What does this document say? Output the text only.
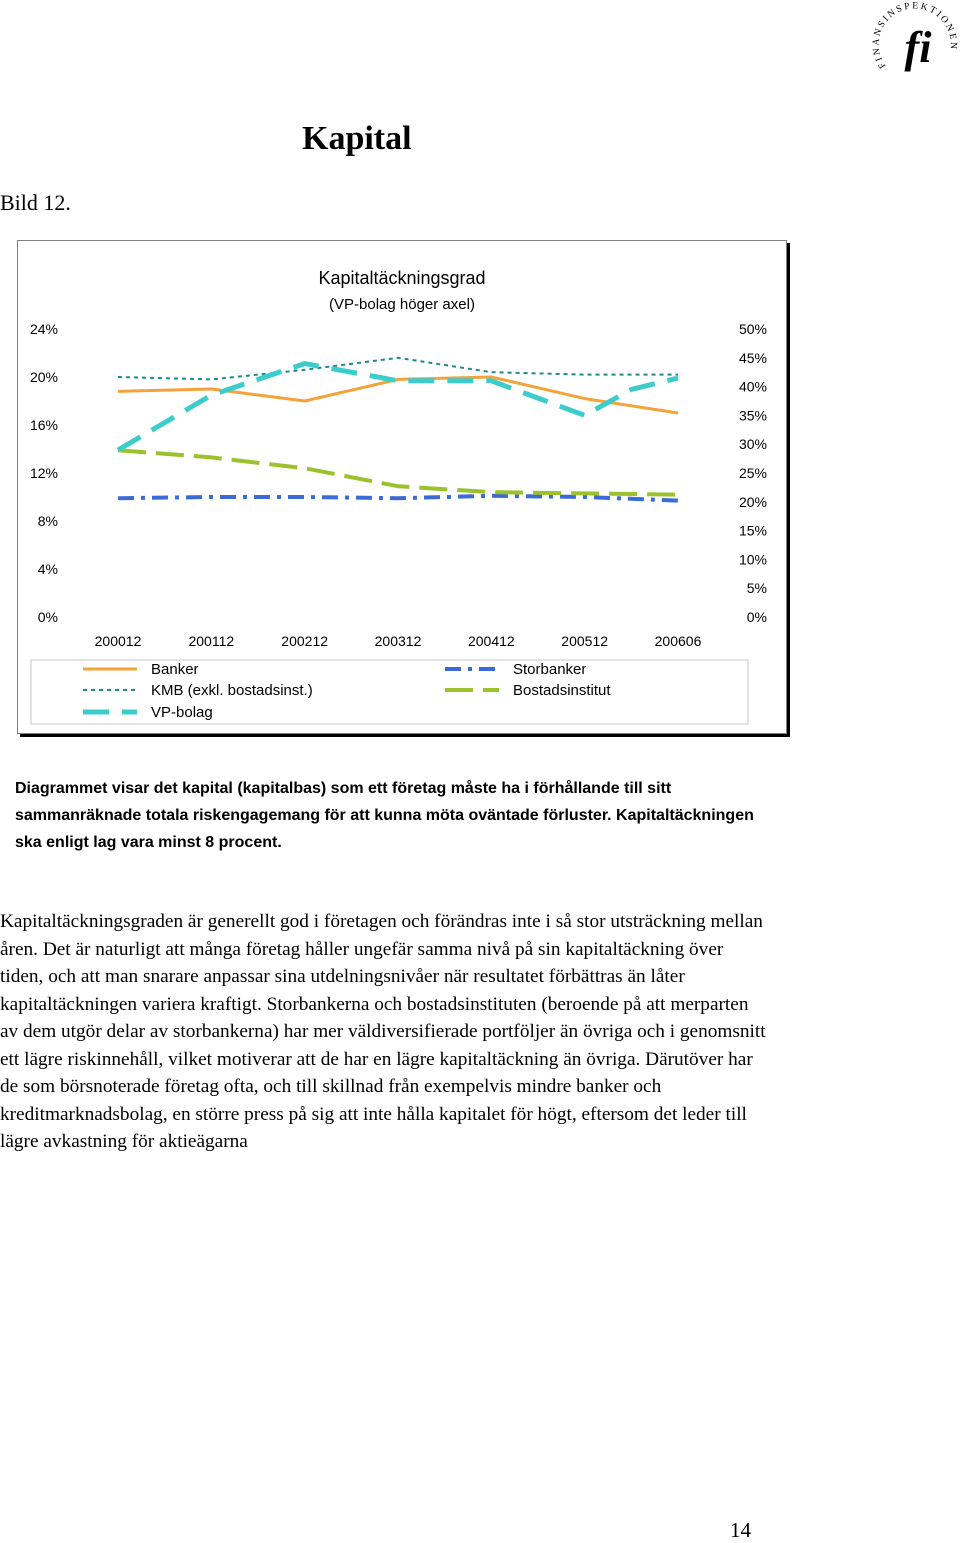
FINANSINSPEKTIONEN
fi
Kapital
Bild 12.
Kapitaltäckningsgrad
(VP-bolag höger axel)
0%
4%
8%
12%
16%
20%
24%
0%
5%
10%
15%
20%
25%
30%
35%
40%
45%
50%
200012	200112	200212	200312	200412	200512	200606
Banker	Storbanker
KMB (exkl. bostadsinst.)	Bostadsinstitut
VP-bolag
Diagrammet visar det kapital (kapitalbas) som ett företag måste ha i förhållande till sitt sammanräknade totala riskengagemang för att kunna möta oväntade förluster. Kapitaltäckningen ska enligt lag vara minst 8 procent.
Kapitaltäckningsgraden är generellt god i företagen och förändras inte i så stor utsträckning mellan åren. Det är naturligt att många företag håller ungefär samma nivå på sin kapitaltäckning över tiden, och att man snarare anpassar sina utdelningsnivåer när resultatet förbättras än låter kapitaltäckningen variera kraftigt. Storbankerna och bostadsinstituten (beroende på att merparten av dem utgör delar av storbankerna) har mer väldiversifierade portföljer än övriga och i genomsnitt ett lägre riskinnehåll, vilket motiverar att de har en lägre kapitaltäckning än övriga. Därutöver har de som börsnoterade företag ofta, och till skillnad från exempelvis mindre banker och kreditmarknadsbolag, en större press på sig att inte hålla kapitalet för högt, eftersom det leder till lägre avkastning för aktieägarna
14
